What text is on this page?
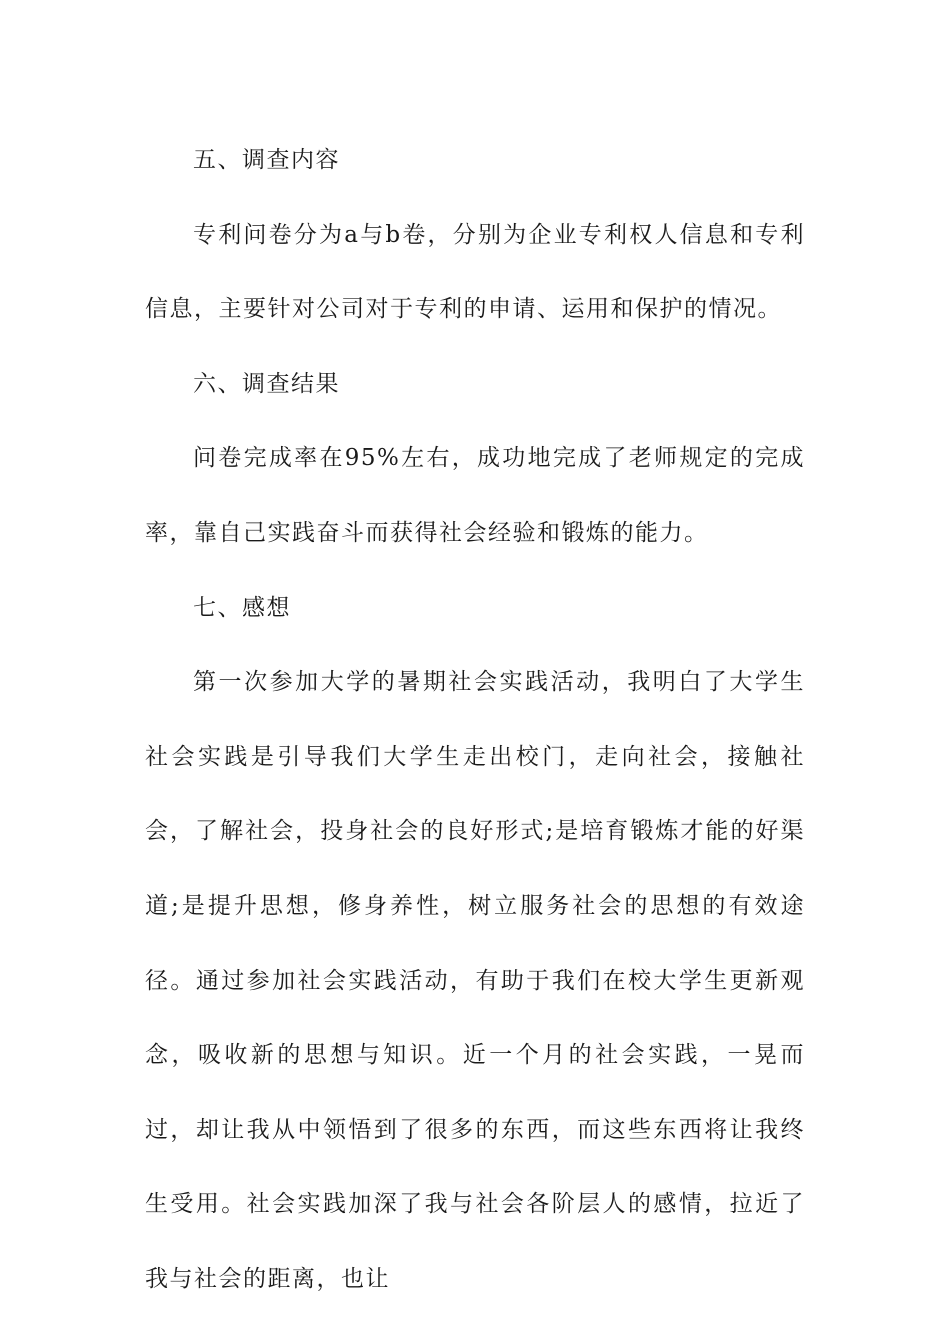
五、调查内容

专利问卷分为a与b卷，分别为企业专利权人信息和专利信息，主要针对公司对于专利的申请、运用和保护的情况。

六、调查结果

问卷完成率在95%左右，成功地完成了老师规定的完成率，靠自己实践奋斗而获得社会经验和锻炼的能力。

七、感想

第一次参加大学的暑期社会实践活动，我明白了大学生社会实践是引导我们大学生走出校门，走向社会，接触社会，了解社会，投身社会的良好形式;是培育锻炼才能的好渠道;是提升思想，修身养性，树立服务社会的思想的有效途径。通过参加社会实践活动，有助于我们在校大学生更新观念，吸收新的思想与知识。近一个月的社会实践，一晃而过，却让我从中领悟到了很多的东西，而这些东西将让我终生受用。社会实践加深了我与社会各阶层人的感情，拉近了我与社会的距离，也让
